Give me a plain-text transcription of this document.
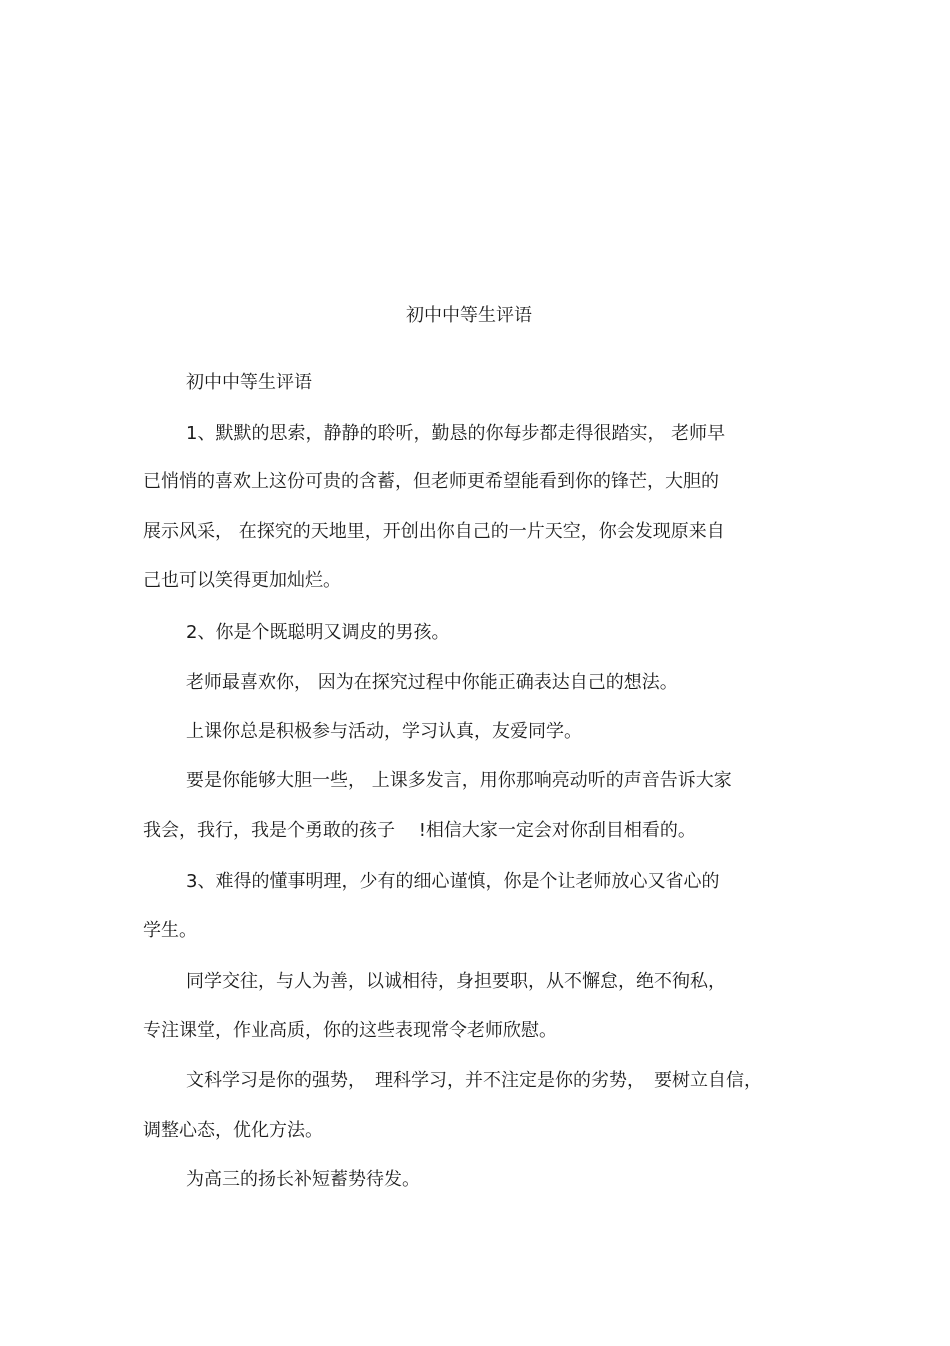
初中中等生评语
初中中等生评语
1、默默的思索，静静的聆听，勤恳的你每步都走得很踏实， 老师早
已悄悄的喜欢上这份可贵的含蓄，但老师更希望能看到你的锋芒，大胆的
展示风采， 在探究的天地里，开创出你自己的一片天空，你会发现原来自
己也可以笑得更加灿烂。
2、你是个既聪明又调皮的男孩。
老师最喜欢你， 因为在探究过程中你能正确表达自己的想法。
上课你总是积极参与活动，学习认真，友爱同学。
要是你能够大胆一些， 上课多发言，用你那响亮动听的声音告诉大家
我会，我行，我是个勇敢的孩子　 !相信大家一定会对你刮目相看的。
3、难得的懂事明理，少有的细心谨慎，你是个让老师放心又省心的
学生。
同学交往，与人为善，以诚相待，身担要职，从不懈怠，绝不徇私，
专注课堂，作业高质，你的这些表现常令老师欣慰。
文科学习是你的强势，　理科学习，并不注定是你的劣势，　要树立自信，
调整心态，优化方法。
为高三的扬长补短蓄势待发。
